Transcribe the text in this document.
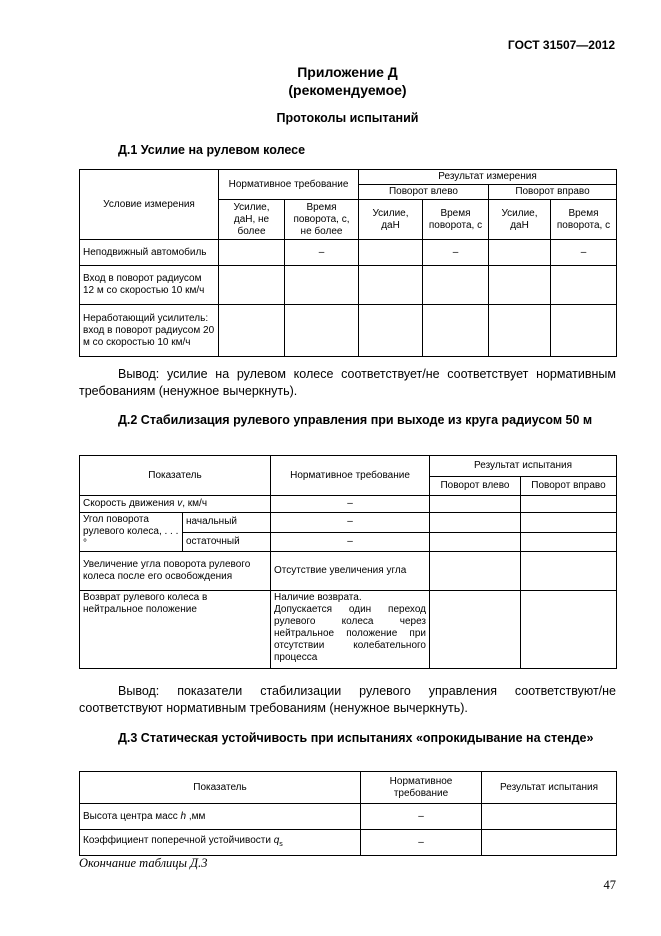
ГОСТ 31507—2012
Приложение Д
(рекомендуемое)
Протоколы испытаний
Д.1 Усилие на рулевом колесе
Условие измерения	Нормативное требование		Результат измерения			
			Поворот влево		Поворот вправо	
	Усилие, даН, не более	Время поворота, с, не более	Усилие, даН	Время поворота, с	Усилие, даН	Время поворота, с
Неподвижный автомобиль		–		–		–
Вход в поворот радиусом 12 м со скоростью 10 км/ч						
Неработающий усилитель: вход в поворот радиусом 20 м со скоростью 10 км/ч						
Вывод: усилие на рулевом колесе соответствует/не соответствует нормативным требованиям (ненужное вычеркнуть).
Д.2 Стабилизация рулевого управления при выходе из круга радиусом 50 м
Показатель		Нормативное требование	Результат испытания	
			Поворот влево	Поворот вправо
Скорость движения v, км/ч		–		
Угол поворота рулевого колеса, . . . °	начальный	–		
	остаточный	–		
Увеличение угла поворота рулевого колеса после его освобождения		Отсутствие увеличения угла		
Возврат рулевого колеса в нейтральное положение		Наличие возврата.
Допускается один переход рулевого колеса через нейтральное положение при отсутствии колебательного процесса		

Вывод: показатели стабилизации рулевого управления соответствуют/не соответствуют нормативным требованиям (ненужное вычеркнуть).
Д.3 Статическая устойчивость при испытаниях «опрокидывание на стенде»
Показатель	Нормативное требование	Результат испытания
Высота центра масс h ,мм	–	
Коэффициент поперечной устойчивости $q_s$	–	
Окончание таблицы Д.3
47
